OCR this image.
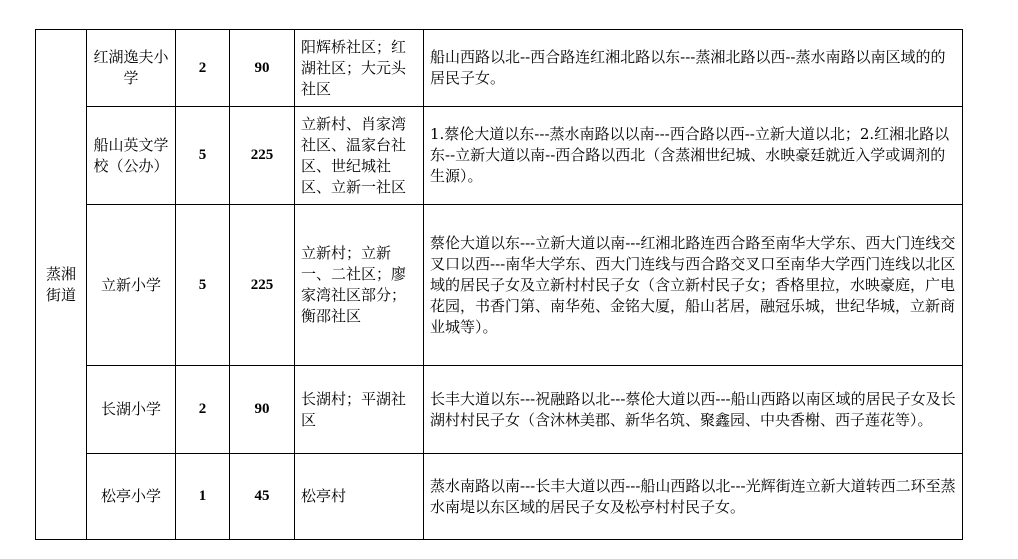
蒸湘街道	红湖逸夫小学	2	90	阳辉桥社区；红湖社区；大元头社区	船山西路以北--西合路连红湘北路以东---蒸湘北路以西--蒸水南路以南区域的的居民子女。
	船山英文学校（公办）	5	225	立新村、肖家湾社区、温家台社区、世纪城社区、立新一社区	1.蔡伦大道以东---蒸水南路以以南---西合路以西--立新大道以北；2.红湘北路以东--立新大道以南--西合路以西北（含蒸湘世纪城、水映豪廷就近入学或调剂的生源）。
	立新小学	5	225	立新村；立新一、二社区；廖家湾社区部分；衡邵社区	蔡伦大道以东---立新大道以南---红湘北路连西合路至南华大学东、西大门连线交叉口以西---南华大学东、西大门连线与西合路交叉口至南华大学西门连线以北区域的居民子女及立新村村民子女（含立新村民子女；香格里拉，水映豪庭，广电花园，书香门第、南华苑、金铭大厦，船山茗居，融冠乐城，世纪华城，立新商业城等）。
	长湖小学	2	90	长湖村；平湖社区	长丰大道以东---祝融路以北---蔡伦大道以西---船山西路以南区域的居民子女及长湖村村民子女（含沐林美郡、新华名筑、聚鑫园、中央香榭、西子莲花等）。
	松亭小学	1	45	松亭村	蒸水南路以南---长丰大道以西---船山西路以北---光辉街连立新大道转西二环至蒸水南堤以东区域的居民子女及松亭村村民子女。
